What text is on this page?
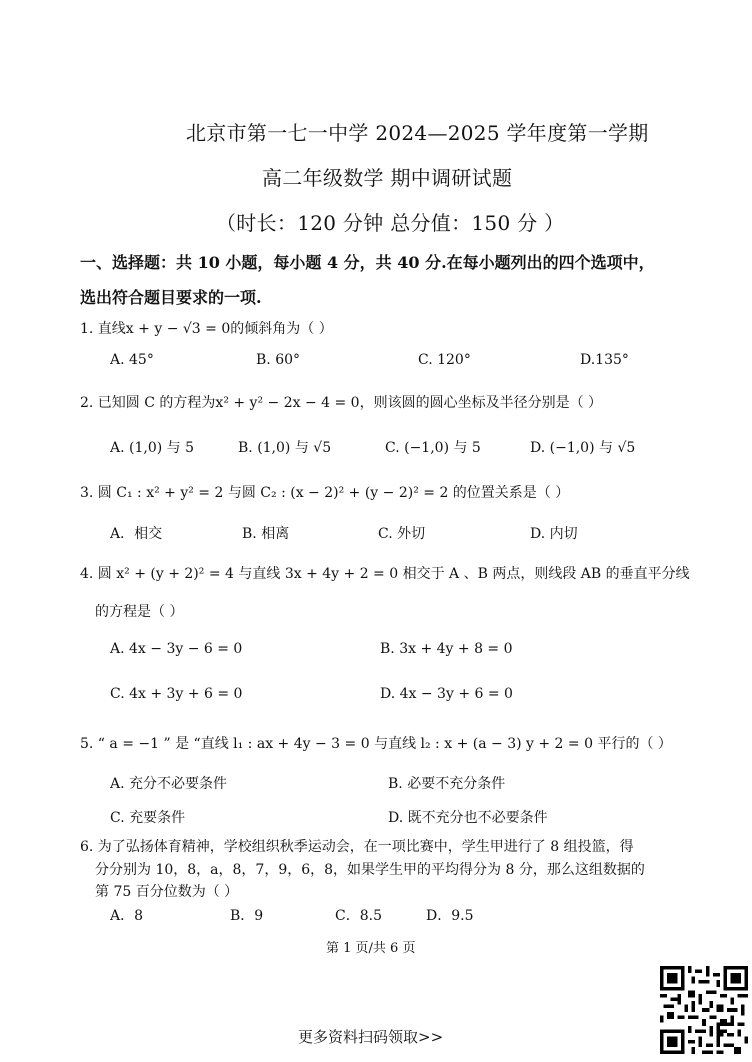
北京市第一七一中学 2024—2025 学年度第一学期
高二年级数学 期中调研试题
（时长：120 分钟 总分值：150 分 ）
一、选择题：共 10 小题，每小题 4 分，共 40 分.在每小题列出的四个选项中，
选出符合题目要求的一项.
1. 直线x + y − √3 = 0的倾斜角为（ ）
A. 45°	B. 60°	C. 120°	D.135°
2. 已知圆 C 的方程为x² + y² − 2x − 4 = 0，则该圆的圆心坐标及半径分别是（ ）
A. (1,0) 与 5	B. (1,0) 与 √5	C. (−1,0) 与 5	D. (−1,0) 与 √5
3. 圆 C₁ : x² + y² = 2 与圆 C₂ : (x − 2)² + (y − 2)² = 2 的位置关系是（ ）
A．相交	B. 相离	C. 外切	D. 内切
4. 圆 x² + (y + 2)² = 4 与直线 3x + 4y + 2 = 0 相交于 A 、B 两点，则线段 AB 的垂直平分线
的方程是（ ）
A. 4x − 3y − 6 = 0	B. 3x + 4y + 8 = 0
C. 4x + 3y + 6 = 0	D. 4x − 3y + 6 = 0
5. “ a = −1 ” 是 “直线 l₁ : ax + 4y − 3 = 0 与直线 l₂ : x + (a − 3) y + 2 = 0 平行的（ ）
A. 充分不必要条件	B. 必要不充分条件
C. 充要条件	D. 既不充分也不必要条件
6. 为了弘扬体育精神，学校组织秋季运动会，在一项比赛中，学生甲进行了 8 组投篮，得
分分别为 10，8，a，8，7，9，6，8，如果学生甲的平均得分为 8 分，那么这组数据的
第 75 百分位数为（ ）
A．8	B．9	C．8.5	D．9.5
第 1 页/共 6 页
更多资料扫码领取>>
